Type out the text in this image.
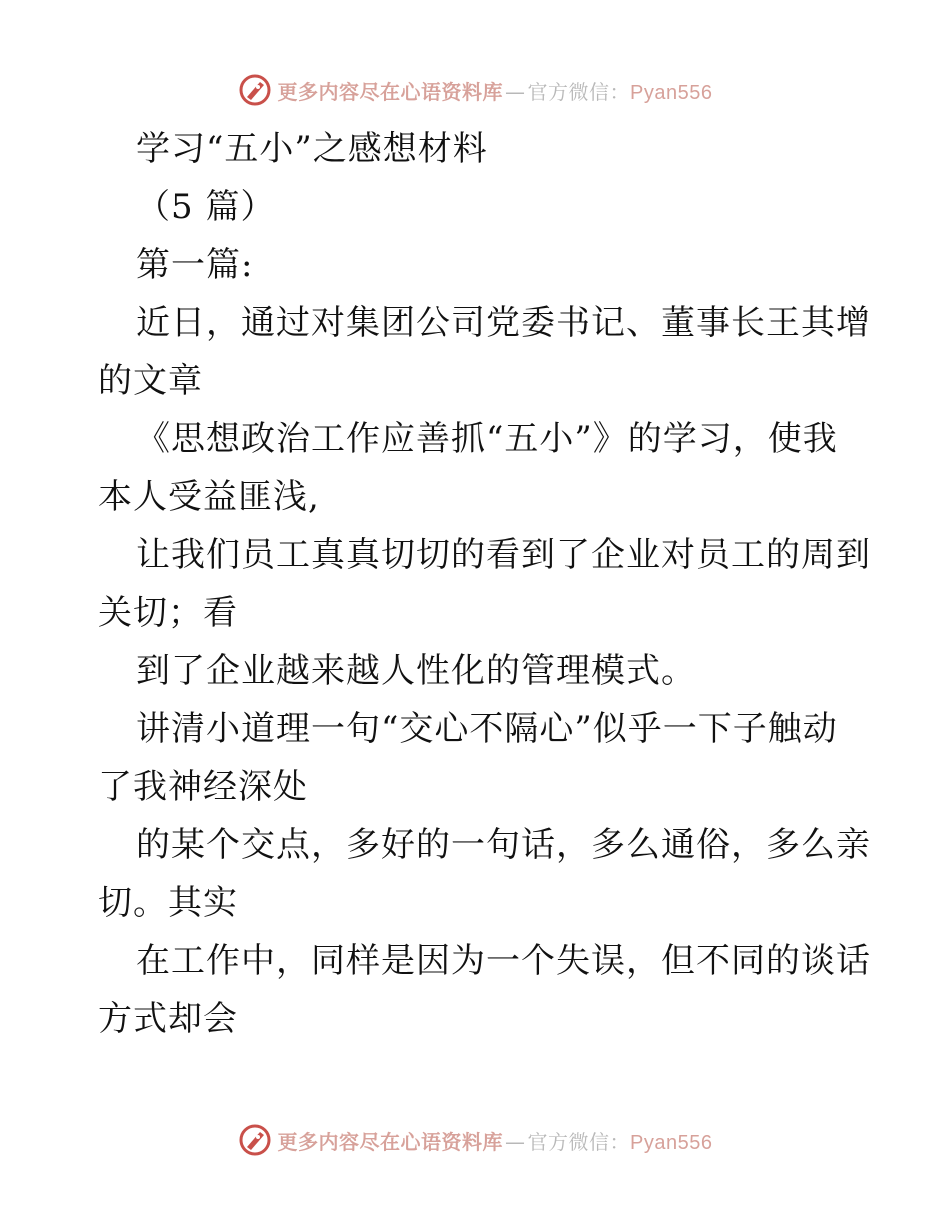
更多内容尽在心语资料库 — 官方微信：Pyan556
学习“五小”之感想材料
（5 篇）
第一篇:
近日，通过对集团公司党委书记、董事长王其增
的文章
《思想政治工作应善抓“五小”》的学习，使我
本人受益匪浅,
让我们员工真真切切的看到了企业对员工的周到
关切；看
到了企业越来越人性化的管理模式。
讲清小道理一句“交心不隔心”似乎一下子触动
了我神经深处
的某个交点，多好的一句话，多么通俗，多么亲
切。其实
在工作中，同样是因为一个失误，但不同的谈话
方式却会
更多内容尽在心语资料库 — 官方微信：Pyan556
